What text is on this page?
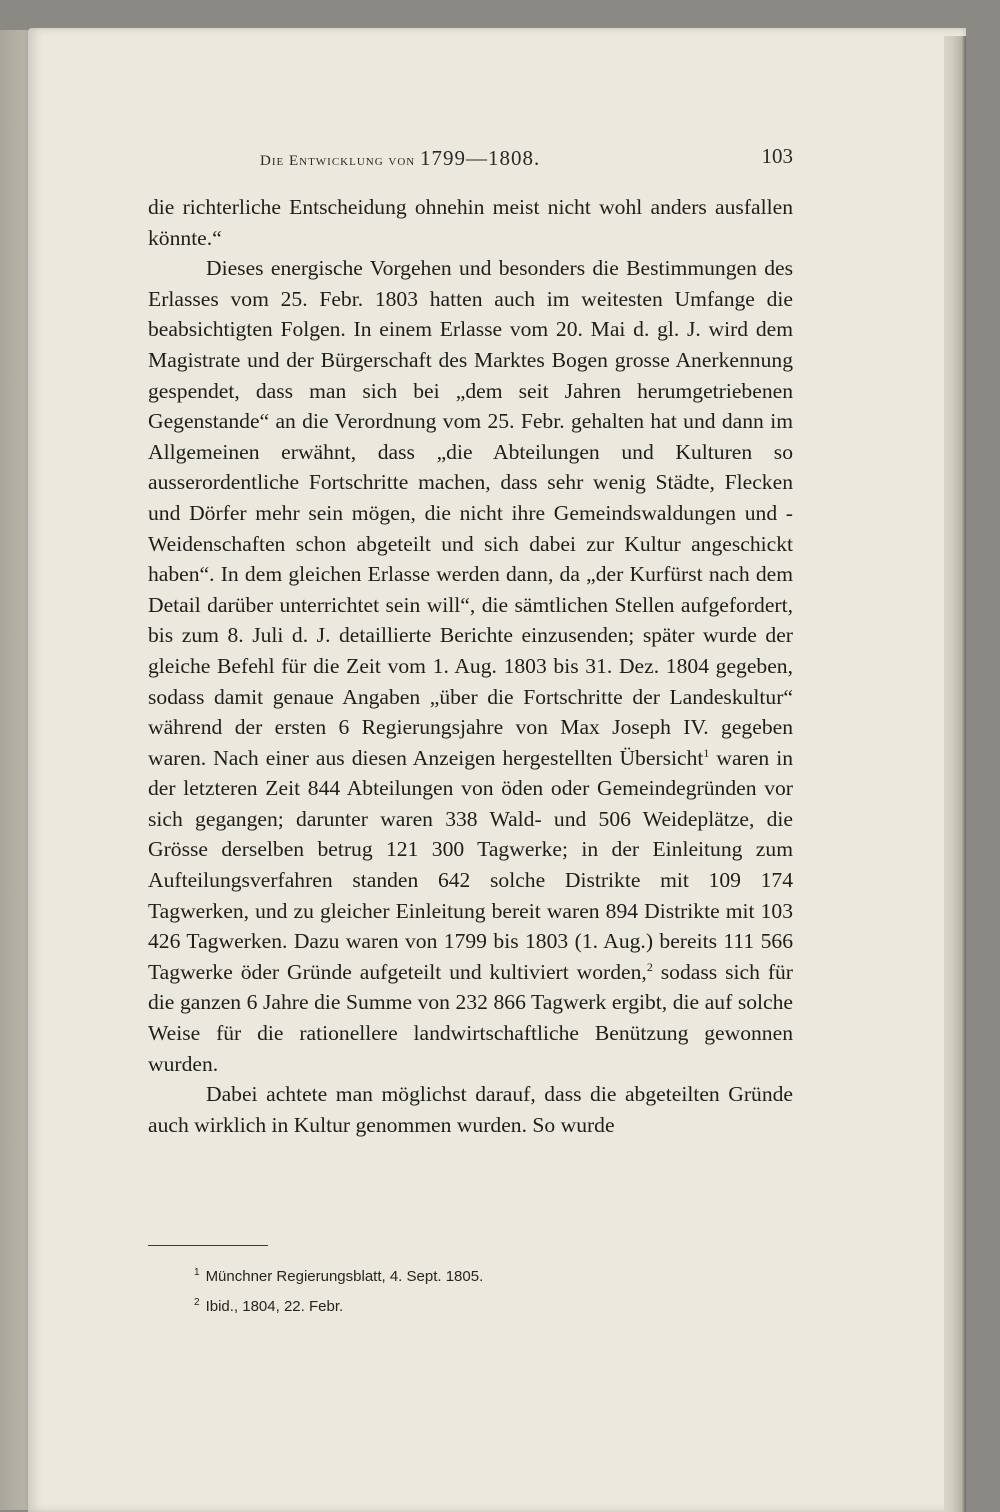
Die Entwicklung von 1799—1808.	103

die richterliche Entscheidung ohnehin meist nicht wohl anders ausfallen könnte.“

Dieses energische Vorgehen und besonders die Bestimmungen des Erlasses vom 25. Febr. 1803 hatten auch im weitesten Umfange die beabsichtigten Folgen. In einem Erlasse vom 20. Mai d. gl. J. wird dem Magistrate und der Bürgerschaft des Marktes Bogen grosse Anerkennung gespendet, dass man sich bei „dem seit Jahren herumgetriebenen Gegenstande“ an die Verordnung vom 25. Febr. gehalten hat und dann im Allgemeinen erwähnt, dass „die Abteilungen und Kulturen so ausserordentliche Fortschritte machen, dass sehr wenig Städte, Flecken und Dörfer mehr sein mögen, die nicht ihre Gemeindswaldungen und -Weidenschaften schon abgeteilt und sich dabei zur Kultur angeschickt haben“. In dem gleichen Erlasse werden dann, da „der Kurfürst nach dem Detail darüber unterrichtet sein will“, die sämtlichen Stellen aufgefordert, bis zum 8. Juli d. J. detaillierte Berichte einzusenden; später wurde der gleiche Befehl für die Zeit vom 1. Aug. 1803 bis 31. Dez. 1804 gegeben, sodass damit genaue Angaben „über die Fortschritte der Landeskultur“ während der ersten 6 Regierungsjahre von Max Joseph IV. gegeben waren. Nach einer aus diesen Anzeigen hergestellten Übersicht$^1$ waren in der letzteren Zeit 844 Abteilungen von öden oder Gemeindegründen vor sich gegangen; darunter waren 338 Wald- und 506 Weideplätze, die Grösse derselben betrug 121 300 Tagwerke; in der Einleitung zum Aufteilungsverfahren standen 642 solche Distrikte mit 109 174 Tagwerken, und zu gleicher Einleitung bereit waren 894 Distrikte mit 103 426 Tagwerken. Dazu waren von 1799 bis 1803 (1. Aug.) bereits 111 566 Tagwerke öder Gründe aufgeteilt und kultiviert worden,$^2$ sodass sich für die ganzen 6 Jahre die Summe von 232 866 Tagwerk ergibt, die auf solche Weise für die rationellere landwirtschaftliche Benützung gewonnen wurden.

Dabei achtete man möglichst darauf, dass die abgeteilten Gründe auch wirklich in Kultur genommen wurden. So wurde

$^1$ Münchner Regierungsblatt, 4. Sept. 1805.

$^2$ Ibid., 1804, 22. Febr.
